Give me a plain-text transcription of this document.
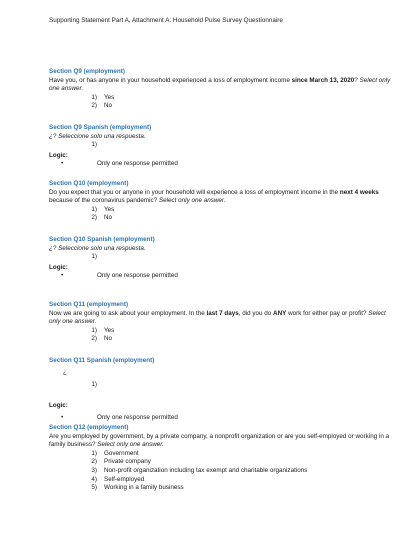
Supporting Statement Part A, Attachment A: Household Pulse Survey Questionnaire
Section Q9 (employment)
Have you, or has anyone in your household experienced a loss of employment income since March 13, 2020? Select only one answer.
1) Yes
2) No
Section Q9 Spanish (employment)
¿? Seleccione solo una respuesta.
1)
Logic:
•	Only one response permitted
Section Q10 (employment)
Do you expect that you or anyone in your household will experience a loss of employment income in the next 4 weeks because of the coronavirus pandemic? Select only one answer.
1) Yes
2) No
Section Q10 Spanish (employment)
¿? Seleccione solo una respuesta.
1)
Logic:
•	Only one response permitted
Section Q11 (employment)
Now we are going to ask about your employment. In the last 7 days, did you do ANY work for either pay or profit? Select only one answer.
1) Yes
2) No
Section Q11 Spanish (employment)
¿
1)
Logic:
•	Only one response permitted
Section Q12 (employment)
Are you employed by government, by a private company, a nonprofit organization or are you self-employed or working in a family business? Select only one answer.
1) Government
2) Private company
3) Non-profit organization including tax exempt and charitable organizations
4) Self-employed
5) Working in a family business
